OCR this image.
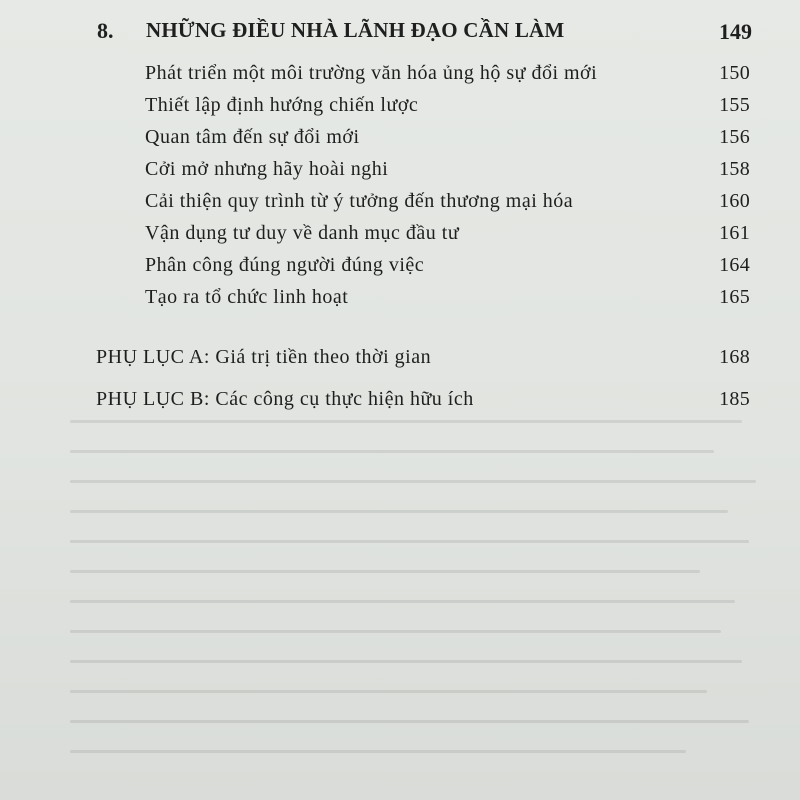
8. NHỮNG ĐIỀU NHÀ LÃNH ĐẠO CẦN LÀM	149
Phát triển một môi trường văn hóa ủng hộ sự đổi mới	150
Thiết lập định hướng chiến lược	155
Quan tâm đến sự đổi mới	156
Cởi mở nhưng hãy hoài nghi	158
Cải thiện quy trình từ ý tưởng đến thương mại hóa	160
Vận dụng tư duy về danh mục đầu tư	161
Phân công đúng người đúng việc	164
Tạo ra tổ chức linh hoạt	165
PHỤ LỤC A: Giá trị tiền theo thời gian	168
PHỤ LỤC B: Các công cụ thực hiện hữu ích	185
